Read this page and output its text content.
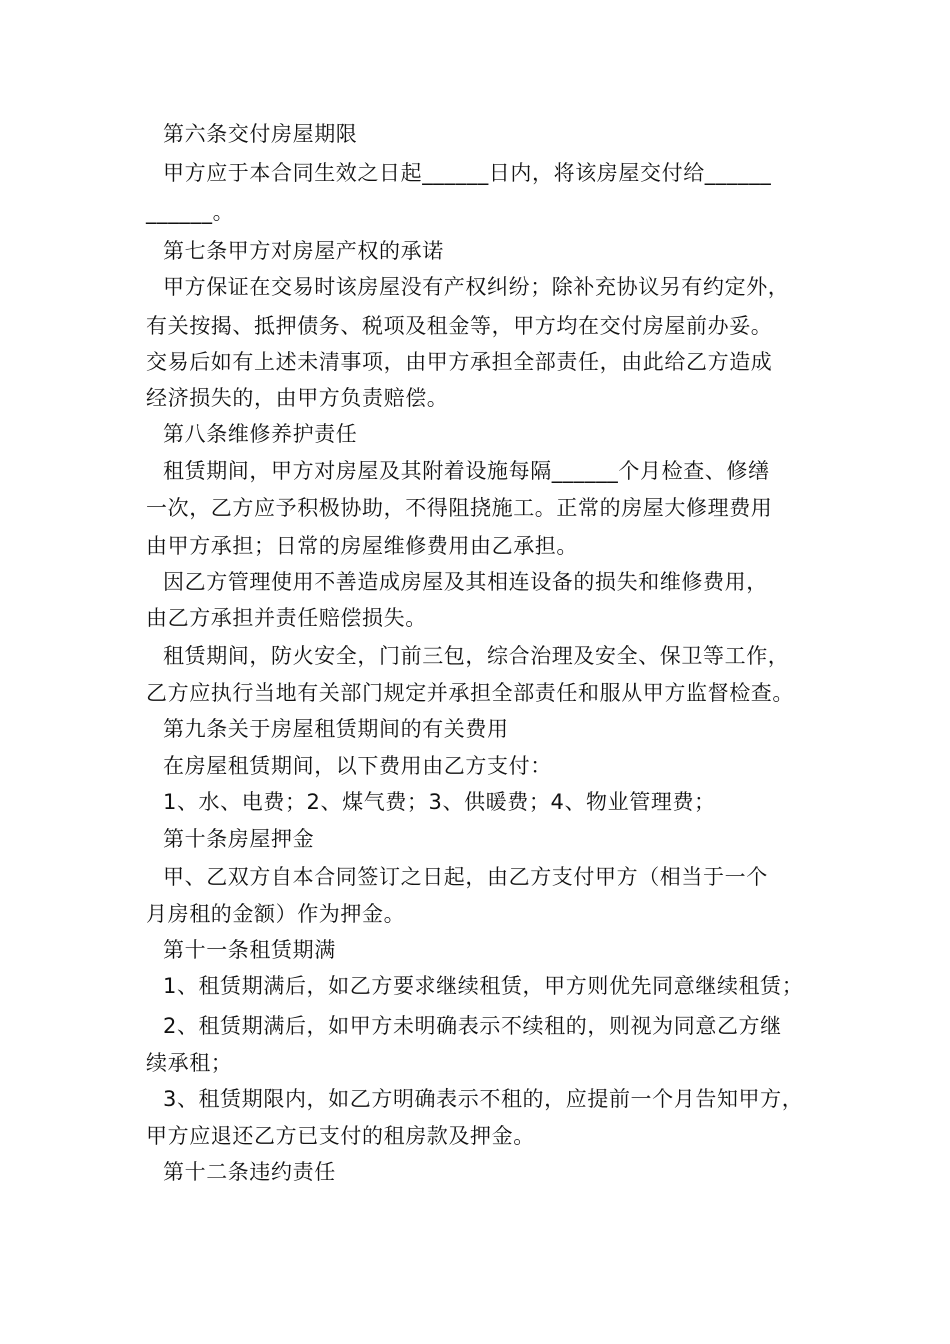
第六条交付房屋期限
甲方应于本合同生效之日起______日内，将该房屋交付给______
______。
第七条甲方对房屋产权的承诺
甲方保证在交易时该房屋没有产权纠纷；除补充协议另有约定外，
有关按揭、抵押债务、税项及租金等，甲方均在交付房屋前办妥。
交易后如有上述未清事项，由甲方承担全部责任，由此给乙方造成
经济损失的，由甲方负责赔偿。
第八条维修养护责任
租赁期间，甲方对房屋及其附着设施每隔______个月检查、修缮
一次，乙方应予积极协助，不得阻挠施工。正常的房屋大修理费用
由甲方承担；日常的房屋维修费用由乙承担。
因乙方管理使用不善造成房屋及其相连设备的损失和维修费用，
由乙方承担并责任赔偿损失。
租赁期间，防火安全，门前三包，综合治理及安全、保卫等工作，
乙方应执行当地有关部门规定并承担全部责任和服从甲方监督检查。
第九条关于房屋租赁期间的有关费用
在房屋租赁期间，以下费用由乙方支付：
1、水、电费；2、煤气费；3、供暖费；4、物业管理费；
第十条房屋押金
甲、乙双方自本合同签订之日起，由乙方支付甲方（相当于一个
月房租的金额）作为押金。
第十一条租赁期满
1、租赁期满后，如乙方要求继续租赁，甲方则优先同意继续租赁；
2、租赁期满后，如甲方未明确表示不续租的，则视为同意乙方继
续承租；
3、租赁期限内，如乙方明确表示不租的，应提前一个月告知甲方，
甲方应退还乙方已支付的租房款及押金。
第十二条违约责任
